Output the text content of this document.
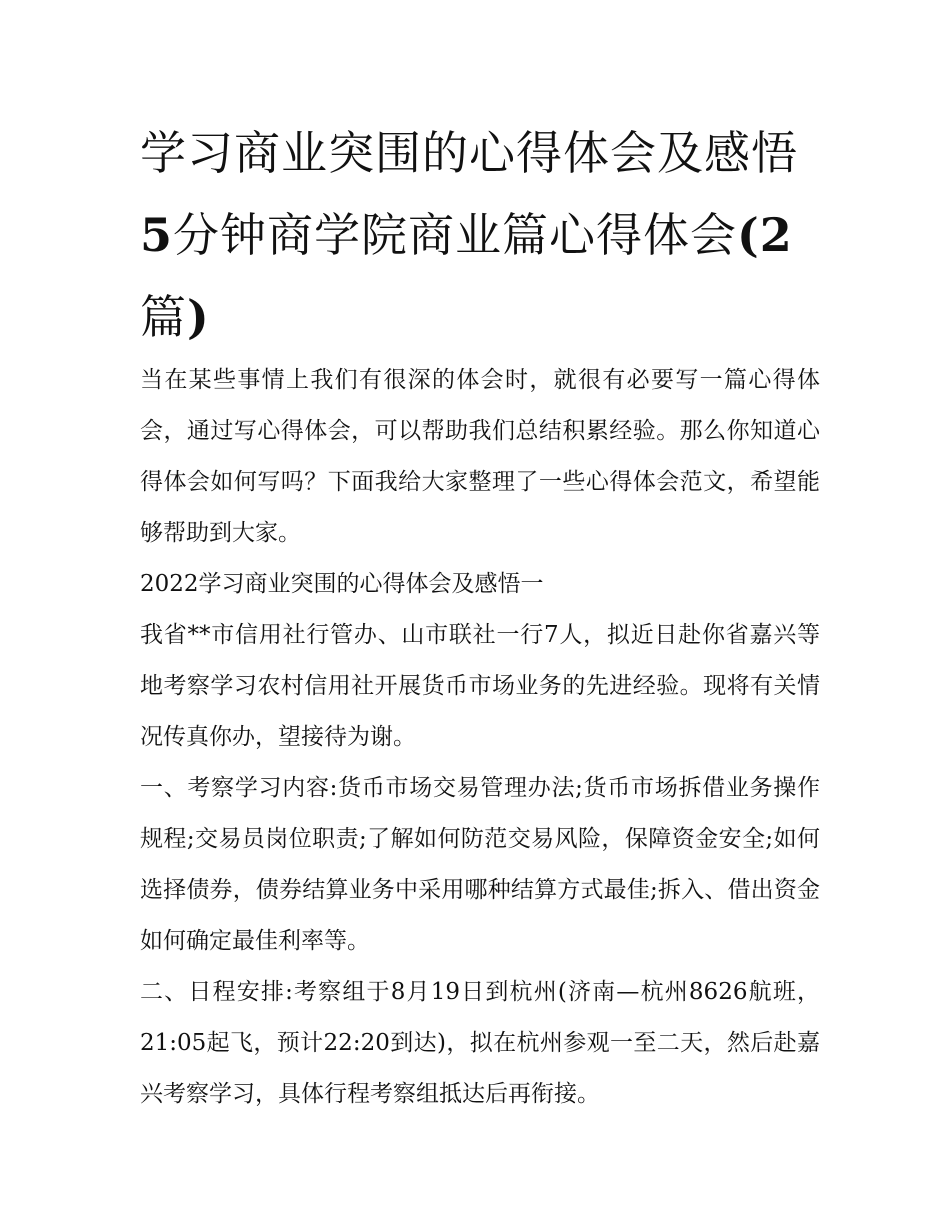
学习商业突围的心得体会及感悟5分钟商学院商业篇心得体会(2篇)

当在某些事情上我们有很深的体会时，就很有必要写一篇心得体会，通过写心得体会，可以帮助我们总结积累经验。那么你知道心得体会如何写吗？下面我给大家整理了一些心得体会范文，希望能够帮助到大家。

2022学习商业突围的心得体会及感悟一

我省**市信用社行管办、山市联社一行7人，拟近日赴你省嘉兴等地考察学习农村信用社开展货币市场业务的先进经验。现将有关情况传真你办，望接待为谢。

一、考察学习内容:货币市场交易管理办法;货币市场拆借业务操作规程;交易员岗位职责;了解如何防范交易风险，保障资金安全;如何选择债券，债券结算业务中采用哪种结算方式最佳;拆入、借出资金如何确定最佳利率等。

二、日程安排:考察组于8月19日到杭州(济南—杭州8626航班，21:05起飞，预计22:20到达)，拟在杭州参观一至二天，然后赴嘉兴考察学习，具体行程考察组抵达后再衔接。
